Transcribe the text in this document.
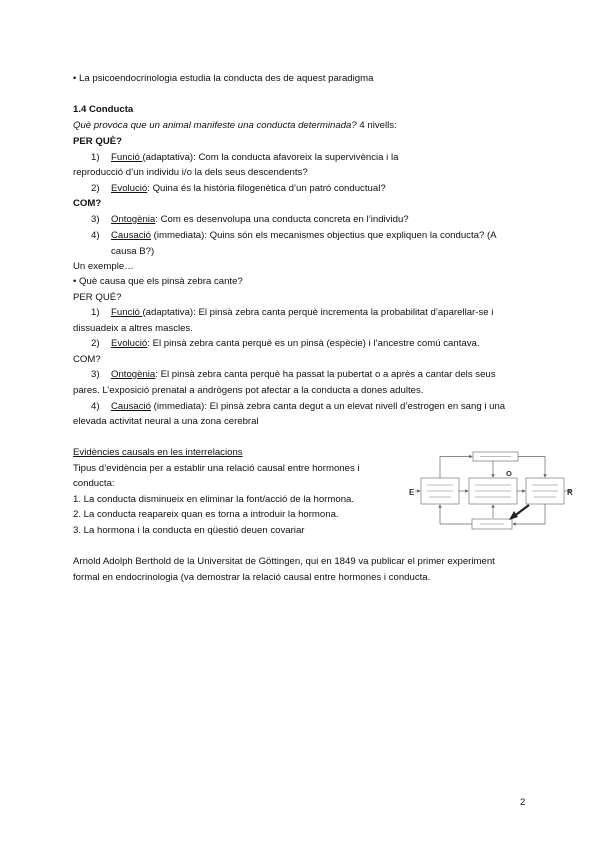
• La psicoendocrinologia estudia la conducta des de aquest paradigma
1.4 Conducta
Què provoca que un animal manifeste una conducta determinada? 4 nivells:
PER QUÈ?
1) Funció (adaptativa): Com la conducta afavoreix la supervivència i la
reproducció d’un individu i/o la dels seus descendents?
2) Evolució: Quina és la història filogenètica d’un patró conductual?
COM?
3) Ontogènia: Com es desenvolupa una conducta concreta en l’individu?
4) Causació (immediata): Quins són els mecanismes objectius que expliquen la conducta? (A
causa B?)
Un exemple…
• Què causa que els pinsà zebra cante?
PER QUÉ?
1) Funció (adaptativa): El pinsà zebra canta perquè incrementa la probabilitat d’aparellar-se i
dissuadeix a altres mascles.
2) Evolució: El pinsà zebra canta perquè es un pinsà (espècie) i l’ancestre comú cantava.
COM?
3) Ontogènia: El pinsà zebra canta perquè ha passat la pubertat o a après a cantar dels seus
pares. L’exposició prenatal a andrògens pot afectar a la conducta a dones adultes.
4) Causació (immediata): El pinsà zebra canta degut a un elevat nivell d’estrogen en sang i una
elevada activitat neural a una zona cerebral
Evidències causals en les interrelacions
Tipus d’evidència per a establir una relació causal entre hormones i
conducta:
1. La conducta disminueix en eliminar la font/acció de la hormona.
2. La conducta reapareix quan es torna a introduir la hormona.
3. La hormona i la conducta en qüestió deuen covariar
E	R
O
Arnold Adolph Berthold de la Universitat de Göttingen, qui en 1849 va publicar el primer experiment
formal en endocrinologia (va demostrar la relació causal entre hormones i conducta.
2
